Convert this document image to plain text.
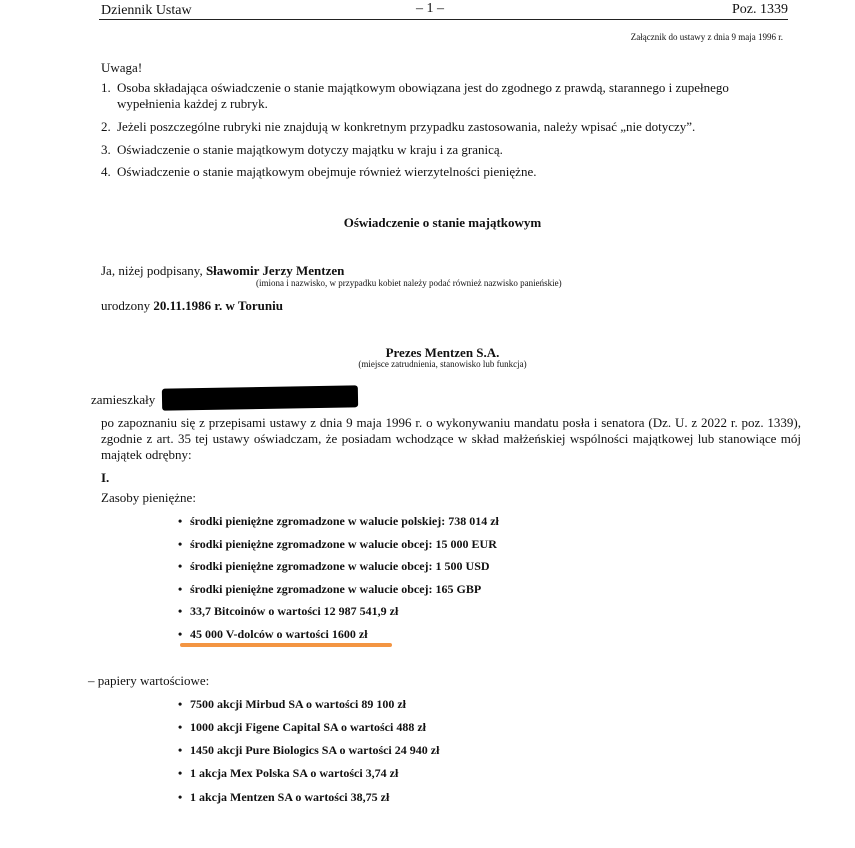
Dziennik Ustaw	– 1 –	Poz. 1339
Załącznik do ustawy z dnia 9 maja 1996 r.
Uwaga!
1. Osoba składająca oświadczenie o stanie majątkowym obowiązana jest do zgodnego z prawdą, starannego i zupełnego
wypełnienia każdej z rubryk.
2. Jeżeli poszczególne rubryki nie znajdują w konkretnym przypadku zastosowania, należy wpisać „nie dotyczy”.
3. Oświadczenie o stanie majątkowym dotyczy majątku w kraju i za granicą.
4. Oświadczenie o stanie majątkowym obejmuje również wierzytelności pieniężne.
Oświadczenie o stanie majątkowym
Ja, niżej podpisany, Sławomir Jerzy Mentzen
(imiona i nazwisko, w przypadku kobiet należy podać również nazwisko panieńskie)
urodzony 20.11.1986 r. w Toruniu
Prezes Mentzen S.A.
(miejsce zatrudnienia, stanowisko lub funkcja)
zamieszkały
po zapoznaniu się z przepisami ustawy z dnia 9 maja 1996 r. o wykonywaniu mandatu posła i senatora (Dz. U. z 2022 r. poz. 1339), zgodnie z art. 35 tej ustawy oświadczam, że posiadam wchodzące w skład małżeńskiej wspólności majątkowej lub stanowiące mój majątek odrębny:
I.
Zasoby pieniężne:
• środki pieniężne zgromadzone w walucie polskiej: 738 014 zł
• środki pieniężne zgromadzone w walucie obcej: 15 000 EUR
• środki pieniężne zgromadzone w walucie obcej: 1 500 USD
• środki pieniężne zgromadzone w walucie obcej: 165 GBP
• 33,7 Bitcoinów o wartości 12 987 541,9 zł
• 45 000 V-dolców o wartości 1600 zł
– papiery wartościowe:
• 7500 akcji Mirbud SA o wartości 89 100 zł
• 1000 akcji Figene Capital SA o wartości 488 zł
• 1450 akcji Pure Biologics SA o wartości 24 940 zł
• 1 akcja Mex Polska SA o wartości 3,74 zł
• 1 akcja Mentzen SA o wartości 38,75 zł
